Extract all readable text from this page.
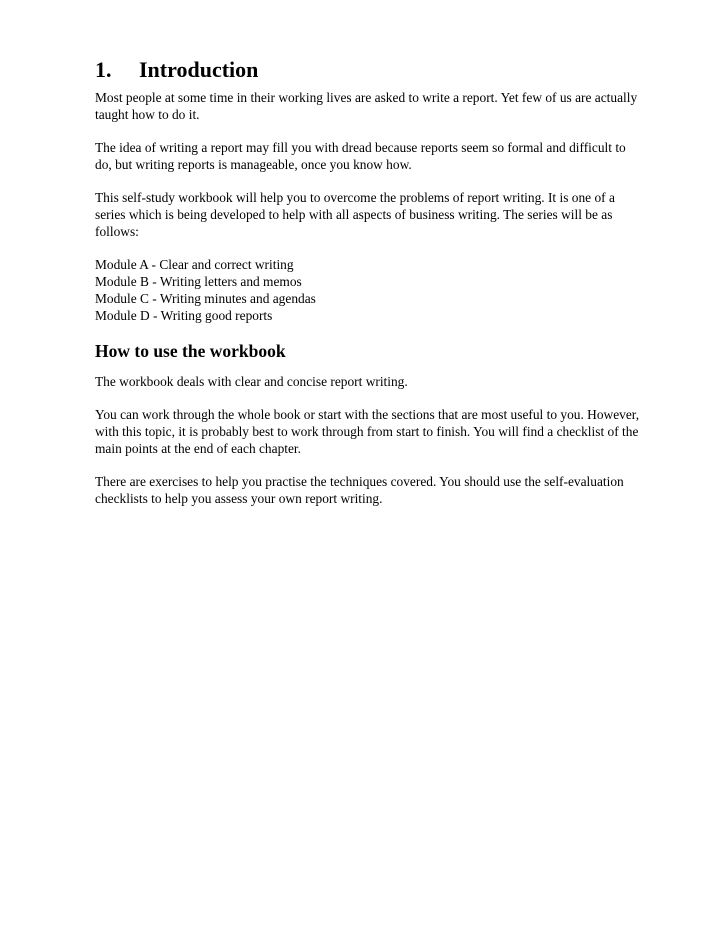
1.	Introduction

Most people at some time in their working lives are asked to write a report. Yet few of us are actually taught how to do it.

The idea of writing a report may fill you with dread because reports seem so formal and difficult to do, but writing reports is manageable, once you know how.

This self-study workbook will help you to overcome the problems of report writing. It is one of a series which is being developed to help with all aspects of business writing. The series will be as follows:

Module A - Clear and correct writing
Module B - Writing letters and memos
Module C - Writing minutes and agendas
Module D - Writing good reports
How to use the workbook

The workbook deals with clear and concise report writing.

You can work through the whole book or start with the sections that are most useful to you. However, with this topic, it is probably best to work through from start to finish. You will find a checklist of the main points at the end of each chapter.

There are exercises to help you practise the techniques covered. You should use the self-evaluation checklists to help you assess your own report writing.
